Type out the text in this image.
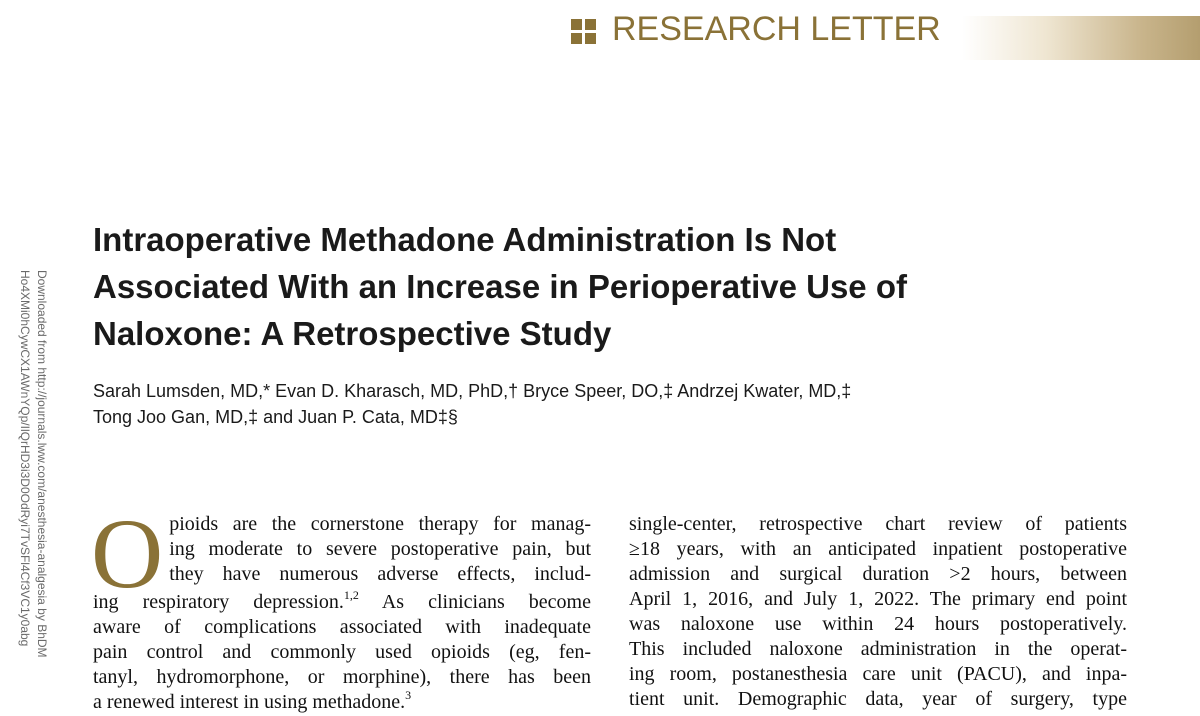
RESEARCH LETTER
Downloaded from http://journals.lww.com/anesthesia-analgesia by BhDM
Ho4XMi0hCywCX1AWnYQp/IlQrHD3i3D0OdRyi7TvSFl4Cf3VC1y0abg
Intraoperative Methadone Administration Is Not
Associated With an Increase in Perioperative Use of
Naloxone: A Retrospective Study
Sarah Lumsden, MD,* Evan D. Kharasch, MD, PhD,† Bryce Speer, DO,‡ Andrzej Kwater, MD,‡
Tong Joo Gan, MD,‡ and Juan P. Cata, MD‡§
O pioids are the cornerstone therapy for manag-
ing moderate to severe postoperative pain, but
they have numerous adverse effects, includ-
ing respiratory depression.$^{1,2}$ As clinicians become
aware of complications associated with inadequate
pain control and commonly used opioids (eg, fen-
tanyl, hydromorphone, or morphine), there has been
a renewed interest in using methadone.$^3$
single-center, retrospective chart review of patients
≥18 years, with an anticipated inpatient postoperative
admission and surgical duration >2 hours, between
April 1, 2016, and July 1, 2022. The primary end point
was naloxone use within 24 hours postoperatively.
This included naloxone administration in the operat-
ing room, postanesthesia care unit (PACU), and inpa-
tient unit. Demographic data, year of surgery, type
